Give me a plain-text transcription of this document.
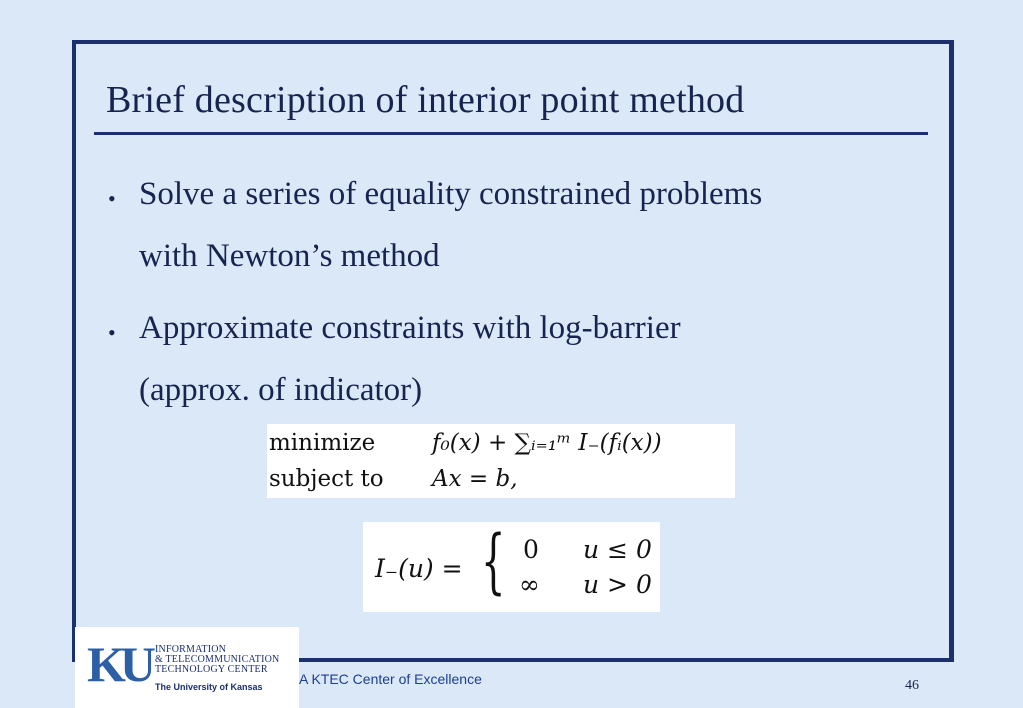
Brief description of interior point method
• Solve a series of equality constrained problems
with Newton’s method
• Approximate constraints with log-barrier
(approx. of indicator)
minimize f₀(x) + ∑ᵢ₌₁ᵐ I₋(fᵢ(x))
subject to Ax = b,
I₋(u) = { 0 u ≤ 0
∞ u > 0
KU INFORMATION
& TELECOMMUNICATION
TECHNOLOGY CENTER
The University of Kansas	A KTEC Center of Excellence	46
